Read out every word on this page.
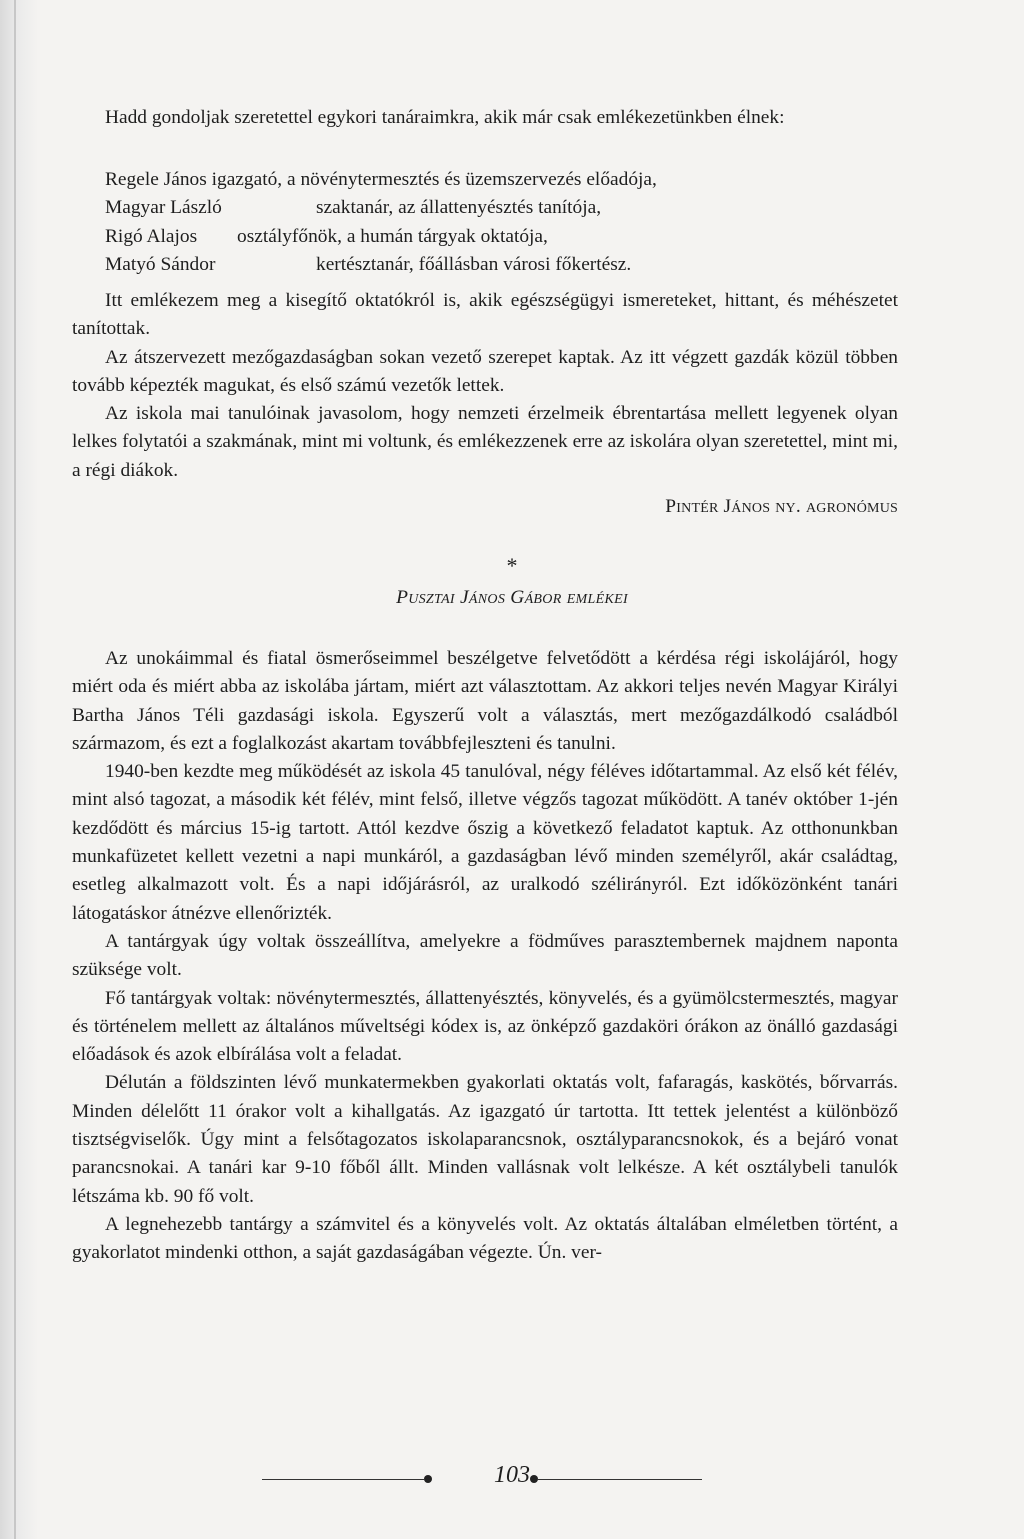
Hadd gondoljak szeretettel egykori tanáraimkra, akik már csak emlékezetünkben élnek:

Regele János igazgató, a növénytermesztés és üzemszervezés előadója,
Magyar László	szaktanár, az állattenyésztés tanítója,
Rigó Alajos osztályfőnök, a humán tárgyak oktatója,
Matyó Sándor	kertésztanár, főállásban városi főkertész.

Itt emlékezem meg a kisegítő oktatókról is, akik egészségügyi ismereteket, hittant, és méhészetet tanítottak.

Az átszervezett mezőgazdaságban sokan vezető szerepet kaptak. Az itt végzett gazdák közül többen tovább képezték magukat, és első számú vezetők lettek.

Az iskola mai tanulóinak javasolom, hogy nemzeti érzelmeik ébrentartása mellett legyenek olyan lelkes folytatói a szakmának, mint mi voltunk, és emlékezzenek erre az iskolára olyan szeretettel, mint mi, a régi diákok.

Pintér János ny. agronómus
*
Pusztai János Gábor emlékei

Az unokáimmal és fiatal ösmerőseimmel beszélgetve felvetődött a kérdésa régi iskolájáról, hogy miért oda és miért abba az iskolába jártam, miért azt választottam. Az akkori teljes nevén Magyar Királyi Bartha János Téli gazdasági iskola. Egyszerű volt a választás, mert mezőgazdálkodó családból származom, és ezt a foglalkozást akartam továbbfejleszteni és tanulni.

1940-ben kezdte meg működését az iskola 45 tanulóval, négy féléves időtartammal. Az első két félév, mint alsó tagozat, a második két félév, mint felső, illetve végzős tagozat működött. A tanév október 1-jén kezdődött és március 15-ig tartott. Attól kezdve őszig a következő feladatot kaptuk. Az otthonunkban munkafüzetet kellett vezetni a napi munkáról, a gazdaságban lévő minden személyről, akár családtag, esetleg alkalmazott volt. És a napi időjárásról, az uralkodó szélirányról. Ezt időközönként tanári látogatáskor átnézve ellenőrizték.

A tantárgyak úgy voltak összeállítva, amelyekre a födműves parasztembernek majdnem naponta szüksége volt.

Fő tantárgyak voltak: növénytermesztés, állattenyésztés, könyvelés, és a gyümölcstermesztés, magyar és történelem mellett az általános műveltségi kódex is, az önképző gazdaköri órákon az önálló gazdasági előadások és azok elbírálása volt a feladat.

Délután a földszinten lévő munkatermekben gyakorlati oktatás volt, fafaragás, kaskötés, bőrvarrás. Minden délelőtt 11 órakor volt a kihallgatás. Az igazgató úr tartotta. Itt tettek jelentést a különböző tisztségviselők. Úgy mint a felsőtagozatos iskolaparancsnok, osztályparancsnokok, és a bejáró vonat parancsnokai. A tanári kar 9-10 főből állt. Minden vallásnak volt lelkésze. A két osztálybeli tanulók létszáma kb. 90 fő volt.

A legnehezebb tantárgy a számvitel és a könyvelés volt. Az oktatás általában elméletben történt, a gyakorlatot mindenki otthon, a saját gazdaságában végezte. Ún. ver-

103
